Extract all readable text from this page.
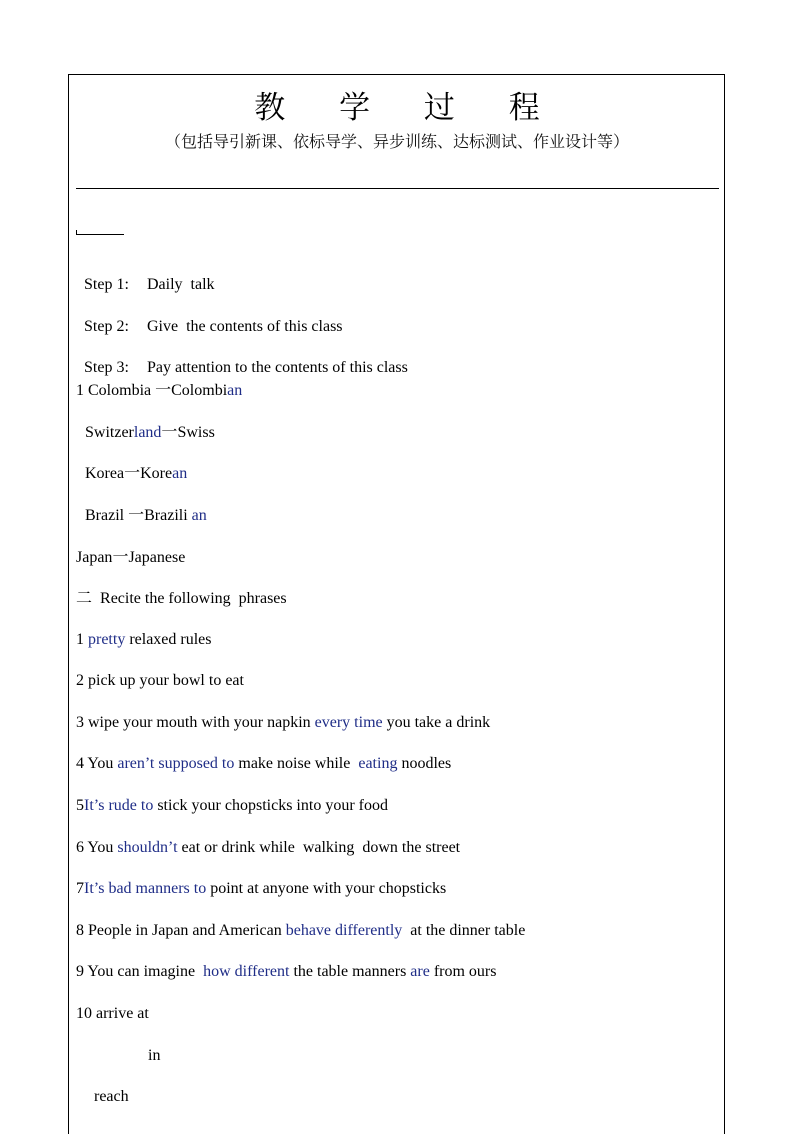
教 学 过 程
（包括导引新课、依标导学、异步训练、达标测试、作业设计等）

Step 1: Daily  talk

Step 2: Give  the contents of this class

Step 3: Pay attention to the contents of this class

1 Colombia 一Colombian
Switzerland一Swiss
Korea一Korean
Brazil 一Brazili an
Japan一Japanese
二 Recite the following  phrases
1 pretty relaxed rules
2 pick up your bowl to eat
3 wipe your mouth with your napkin every time you take a drink
4 You aren’t supposed to make noise while  eating noodles
5It’s rude to stick your chopsticks into your food
6 You shouldn’t eat or drink while  walking  down the street
7It’s bad manners to point at anyone with your chopsticks
8 People in Japan and American behave differently  at the dinner table
9 You can imagine  how different the table manners are from ours
10 arrive at
in
reach
